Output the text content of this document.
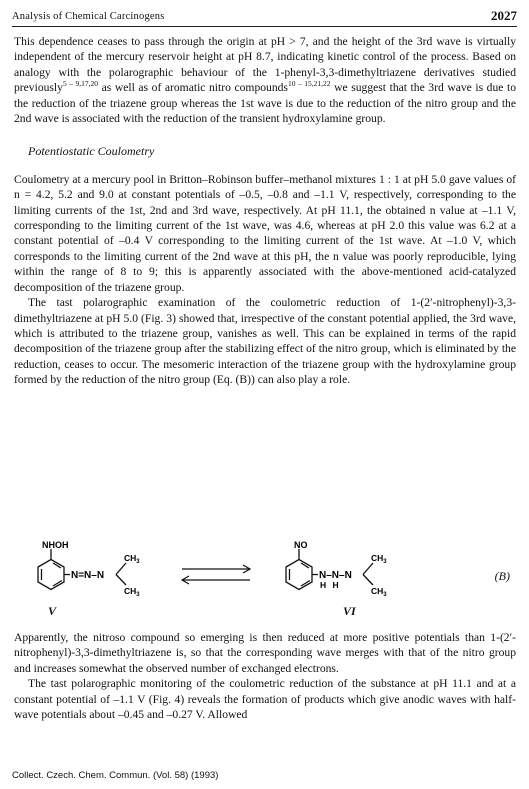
Analysis of Chemical Carcinogens	2027

This dependence ceases to pass through the origin at pH > 7, and the height of the 3rd wave is virtually independent of the mercury reservoir height at pH 8.7, indicating kinetic control of the process. Based on analogy with the polarographic behaviour of the 1-phenyl-3,3-dimethyltriazene derivatives studied previously$^{5 - 9,17,20}$ as well as of aromatic nitro compounds$^{10 - 15,21,22}$ we suggest that the 3rd wave is due to the reduction of the triazene group whereas the 1st wave is due to the reduction of the nitro group and the 2nd wave is associated with the reduction of the transient hydroxylamine group.

Potentiostatic Coulometry

Coulometry at a mercury pool in Britton–Robinson buffer–methanol mixtures 1 : 1 at pH 5.0 gave values of n = 4.2, 5.2 and 9.0 at constant potentials of –0.5, –0.8 and –1.1 V, respectively, corresponding to the limiting currents of the 1st, 2nd and 3rd wave, respectively. At pH 11.1, the obtained n value at –1.1 V, corresponding to the limiting current of the 1st wave, was 4.6, whereas at pH 2.0 this value was 6.2 at a constant potential of –0.4 V corresponding to the limiting current of the 1st wave. At –1.0 V, which corresponds to the limiting current of the 2nd wave at this pH, the n value was poorly reproducible, lying within the range of 8 to 9; this is apparently associated with the above-mentioned acid-catalyzed decomposition of the triazene group.

The tast polarographic examination of the coulometric reduction of 1-(2′-nitrophenyl)-3,3-dimethyltriazene at pH 5.0 (Fig. 3) showed that, irrespective of the constant potential applied, the 3rd wave, which is attributed to the triazene group, vanishes as well. This can be explained in terms of the rapid decomposition of the triazene group after the stabilizing effect of the nitro group, which is eliminated by the reduction, ceases to occur. The mesomeric interaction of the triazene group with the hydroxylamine group formed by the reduction of the nitro group (Eq. (B)) can also play a role.

NHOH
N=N–N
$CH_3$
$CH_3$
NO
N–N–N
H H
$CH_3$
$CH_3$
V	VI
(B)

Apparently, the nitroso compound so emerging is then reduced at more positive potentials than 1-(2′-nitrophenyl)-3,3-dimethyltriazene is, so that the corresponding wave merges with that of the nitro group and increases somewhat the observed number of exchanged electrons.

The tast polarographic monitoring of the coulometric reduction of the substance at pH 11.1 and at a constant potential of –1.1 V (Fig. 4) reveals the formation of products which give anodic waves with half-wave potentials about –0.45 and –0.27 V. Allowed

Collect. Czech. Chem. Commun. (Vol. 58) (1993)
